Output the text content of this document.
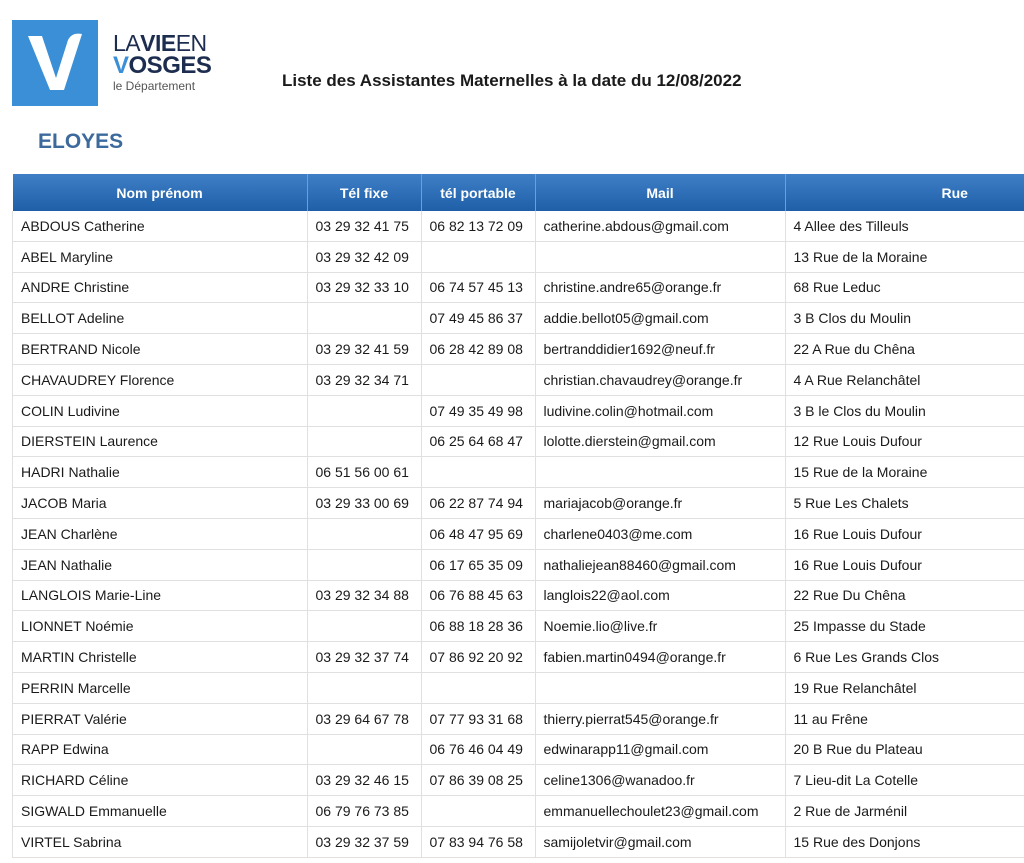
LAVIEEN
VOSGES
le Département	Liste des Assistantes Maternelles à la date du 12/08/2022
ELOYES
Nom prénom	Tél fixe	tél portable	Mail	Rue
ABDOUS Catherine	03 29 32 41 75	06 82 13 72 09	catherine.abdous@gmail.com	4 Allee des Tilleuls
ABEL Maryline	03 29 32 42 09			13 Rue de la Moraine
ANDRE Christine	03 29 32 33 10	06 74 57 45 13	christine.andre65@orange.fr	68 Rue Leduc
BELLOT Adeline		07 49 45 86 37	addie.bellot05@gmail.com	3 B Clos du Moulin
BERTRAND Nicole	03 29 32 41 59	06 28 42 89 08	bertranddidier1692@neuf.fr	22 A Rue du Chêna
CHAVAUDREY Florence	03 29 32 34 71		christian.chavaudrey@orange.fr	4 A Rue Relanchâtel
COLIN Ludivine		07 49 35 49 98	ludivine.colin@hotmail.com	3 B le Clos du Moulin
DIERSTEIN Laurence		06 25 64 68 47	lolotte.dierstein@gmail.com	12 Rue Louis Dufour
HADRI Nathalie	06 51 56 00 61			15 Rue de la Moraine
JACOB Maria	03 29 33 00 69	06 22 87 74 94	mariajacob@orange.fr	5 Rue Les Chalets
JEAN Charlène		06 48 47 95 69	charlene0403@me.com	16 Rue Louis Dufour
JEAN Nathalie		06 17 65 35 09	nathaliejean88460@gmail.com	16 Rue Louis Dufour
LANGLOIS Marie-Line	03 29 32 34 88	06 76 88 45 63	langlois22@aol.com	22 Rue Du Chêna
LIONNET Noémie		06 88 18 28 36	Noemie.lio@live.fr	25 Impasse du Stade
MARTIN Christelle	03 29 32 37 74	07 86 92 20 92	fabien.martin0494@orange.fr	6 Rue Les Grands Clos
PERRIN Marcelle				19 Rue Relanchâtel
PIERRAT Valérie	03 29 64 67 78	07 77 93 31 68	thierry.pierrat545@orange.fr	11 au Frêne
RAPP Edwina		06 76 46 04 49	edwinarapp11@gmail.com	20 B Rue du Plateau
RICHARD Céline	03 29 32 46 15	07 86 39 08 25	celine1306@wanadoo.fr	7 Lieu-dit La Cotelle
SIGWALD Emmanuelle	06 79 76 73 85		emmanuellechoulet23@gmail.com	2 Rue de Jarménil
VIRTEL Sabrina	03 29 32 37 59	07 83 94 76 58	samijoletvir@gmail.com	15 Rue des Donjons
